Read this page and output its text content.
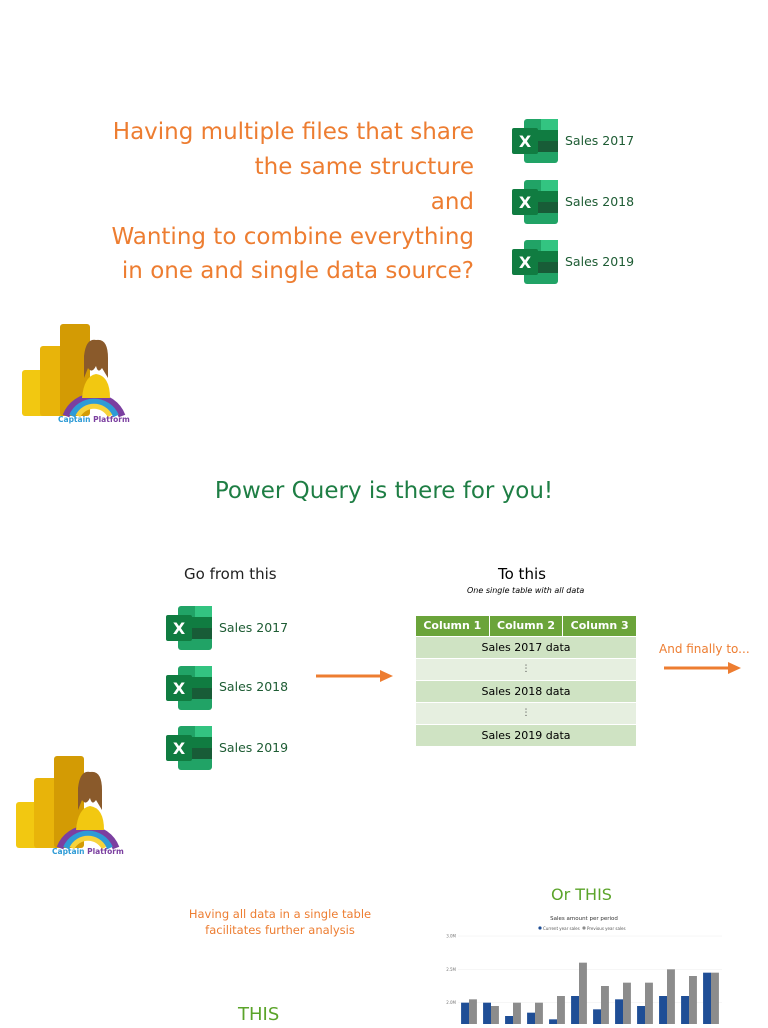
Having multiple files that share
the same structure
and
Wanting to combine everything
in one and single data source?
X	Sales 2017
X	Sales 2018
X	Sales 2019
Captain Platform
Power Query is there for you!
Go from this
X	Sales 2017
X	Sales 2018
X	Sales 2019
To this
One single table with all data
Column 1	Column 2	Column 3
Sales 2017 data
⋮
Sales 2018 data
⋮
Sales 2019 data
And finally to...
Captain Platform
Having all data in a single table
facilitates further analysis
THIS
Or THIS
Sales amount per period
Current year sales Previous year sales
3.0M
2.5M
2.0M
